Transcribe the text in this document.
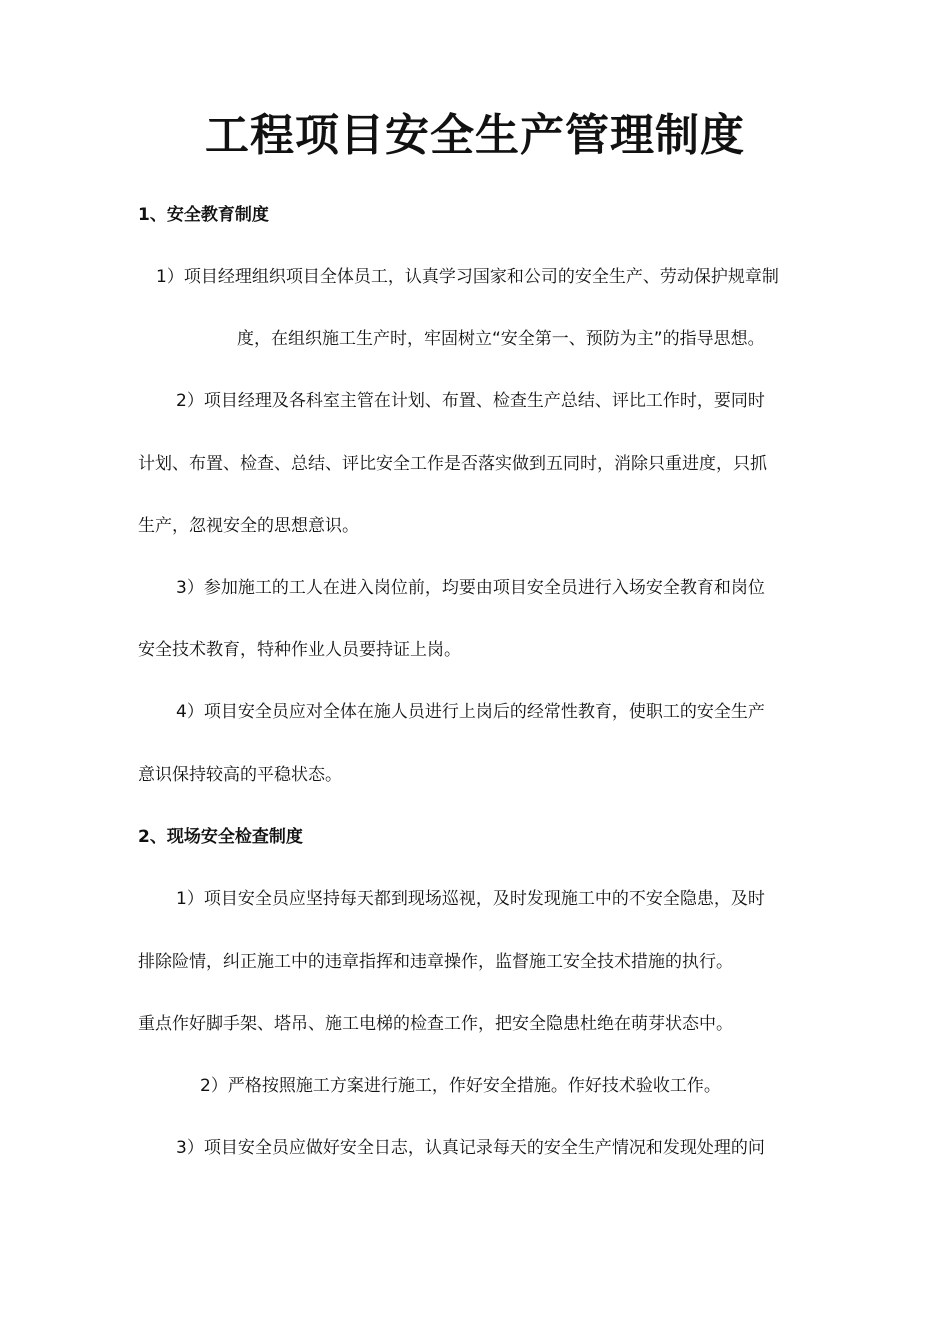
工程项目安全生产管理制度

1、安全教育制度

1）项目经理组织项目全体员工，认真学习国家和公司的安全生产、劳动保护规章制

度，在组织施工生产时，牢固树立“安全第一、预防为主”的指导思想。

2）项目经理及各科室主管在计划、布置、检查生产总结、评比工作时，要同时

计划、布置、检查、总结、评比安全工作是否落实做到五同时，消除只重进度，只抓

生产，忽视安全的思想意识。

3）参加施工的工人在进入岗位前，均要由项目安全员进行入场安全教育和岗位

安全技术教育，特种作业人员要持证上岗。

4）项目安全员应对全体在施人员进行上岗后的经常性教育，使职工的安全生产

意识保持较高的平稳状态。

2、现场安全检查制度

1）项目安全员应坚持每天都到现场巡视，及时发现施工中的不安全隐患，及时

排除险情，纠正施工中的违章指挥和违章操作，监督施工安全技术措施的执行。

重点作好脚手架、塔吊、施工电梯的检查工作，把安全隐患杜绝在萌芽状态中。

2）严格按照施工方案进行施工，作好安全措施。作好技术验收工作。

3）项目安全员应做好安全日志，认真记录每天的安全生产情况和发现处理的问
